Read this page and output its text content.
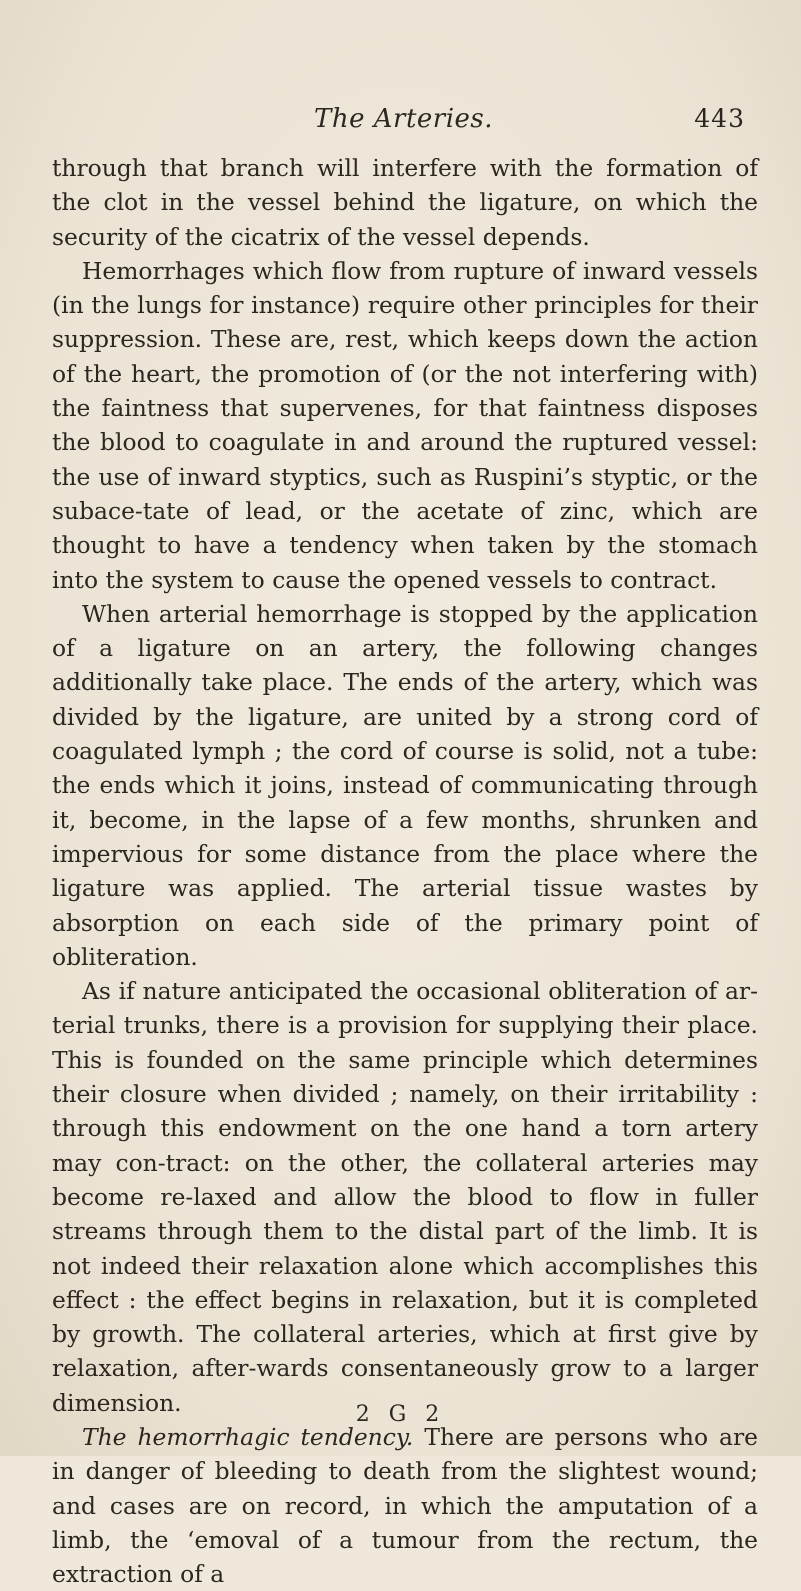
The Arteries.	443

through that branch will interfere with the formation of the clot in the vessel behind the ligature, on which the security of the cicatrix of the vessel depends.

Hemorrhages which flow from rupture of inward vessels (in the lungs for instance) require other principles for their suppression. These are, rest, which keeps down the action of the heart, the promotion of (or the not interfering with) the faintness that supervenes, for that faintness disposes the blood to coagulate in and around the ruptured vessel: the use of inward styptics, such as Ruspini’s styptic, or the subace-tate of lead, or the acetate of zinc, which are thought to have a tendency when taken by the stomach into the system to cause the opened vessels to contract.

When arterial hemorrhage is stopped by the application of a ligature on an artery, the following changes additionally take place. The ends of the artery, which was divided by the ligature, are united by a strong cord of coagulated lymph ; the cord of course is solid, not a tube: the ends which it joins, instead of communicating through it, become, in the lapse of a few months, shrunken and impervious for some distance from the place where the ligature was applied. The arterial tissue wastes by absorption on each side of the primary point of obliteration.

As if nature anticipated the occasional obliteration of ar-terial trunks, there is a provision for supplying their place. This is founded on the same principle which determines their closure when divided ; namely, on their irritability : through this endowment on the one hand a torn artery may con-tract: on the other, the collateral arteries may become re-laxed and allow the blood to flow in fuller streams through them to the distal part of the limb. It is not indeed their relaxation alone which accomplishes this effect : the effect begins in relaxation, but it is completed by growth. The collateral arteries, which at first give by relaxation, after-wards consentaneously grow to a larger dimension.

The hemorrhagic tendency. There are persons who are in danger of bleeding to death from the slightest wound; and cases are on record, in which the amputation of a limb, the ‘emoval of a tumour from the rectum, the extraction of a

2 G 2
